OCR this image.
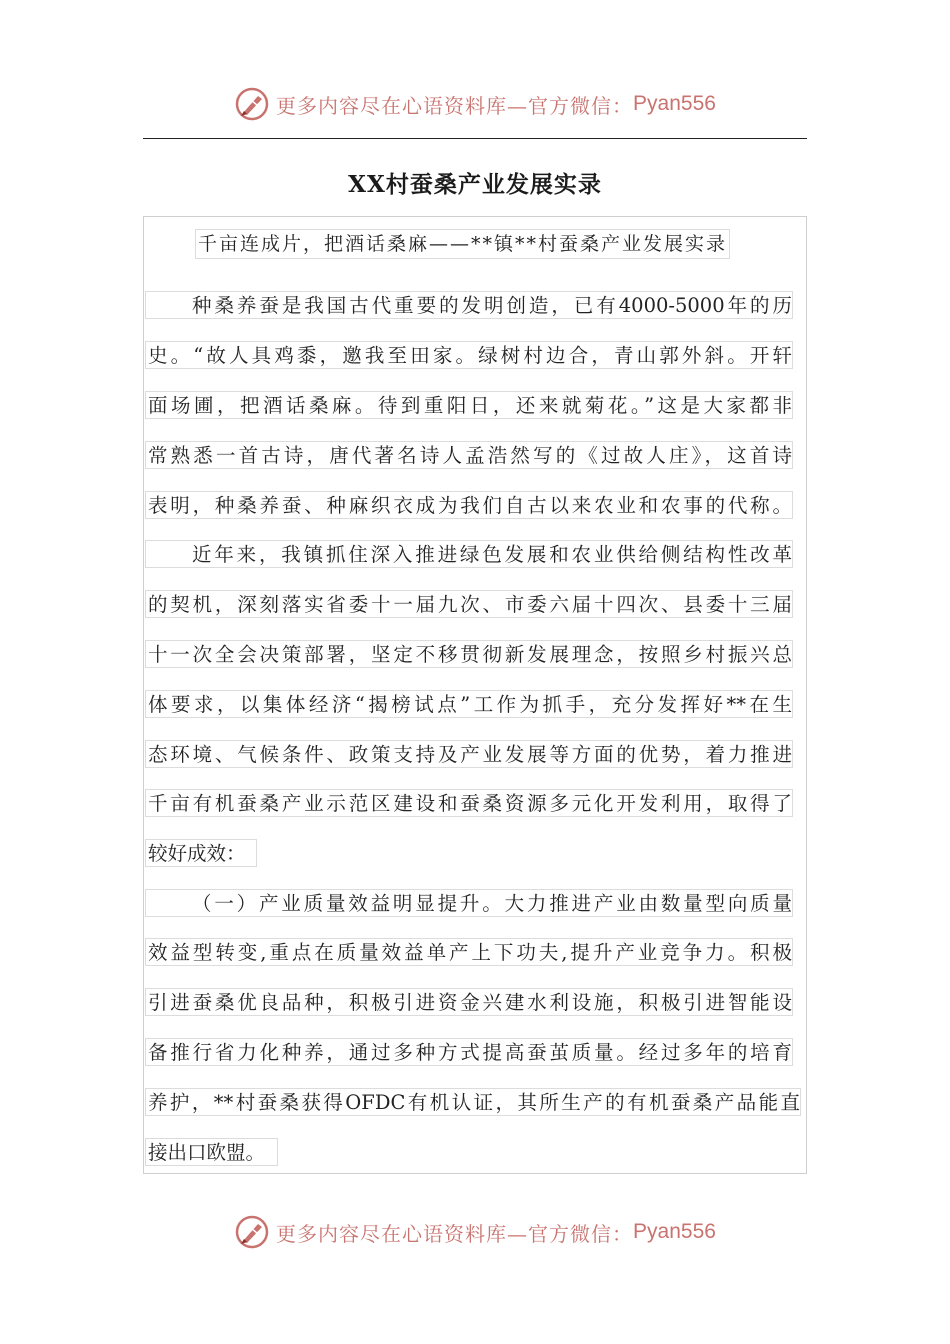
更多内容尽在心语资料库—官方微信： Pyan556
XX村蚕桑产业发展实录
千亩连成片，把酒话桑麻——**镇**村蚕桑产业发展实录
种桑养蚕是我国古代重要的发明创造，已有4000-5000年的历
史。“故人具鸡黍，邀我至田家。绿树村边合，青山郭外斜。开轩
面场圃，把酒话桑麻。待到重阳日，还来就菊花。”这是大家都非
常熟悉一首古诗，唐代著名诗人孟浩然写的《过故人庄》，这首诗
表明，种桑养蚕、种麻织衣成为我们自古以来农业和农事的代称。
近年来，我镇抓住深入推进绿色发展和农业供给侧结构性改革
的契机，深刻落实省委十一届九次、市委六届十四次、县委十三届
十一次全会决策部署，坚定不移贯彻新发展理念，按照乡村振兴总
体要求，以集体经济“揭榜试点”工作为抓手，充分发挥好**在生
态环境、气候条件、政策支持及产业发展等方面的优势，着力推进
千亩有机蚕桑产业示范区建设和蚕桑资源多元化开发利用，取得了
较好成效：
（一）产业质量效益明显提升。大力推进产业由数量型向质量
效益型转变,重点在质量效益单产上下功夫,提升产业竞争力。积极
引进蚕桑优良品种，积极引进资金兴建水利设施，积极引进智能设
备推行省力化种养，通过多种方式提高蚕茧质量。经过多年的培育
养护，**村蚕桑获得OFDC有机认证，其所生产的有机蚕桑产品能直
接出口欧盟。
更多内容尽在心语资料库—官方微信： Pyan556
